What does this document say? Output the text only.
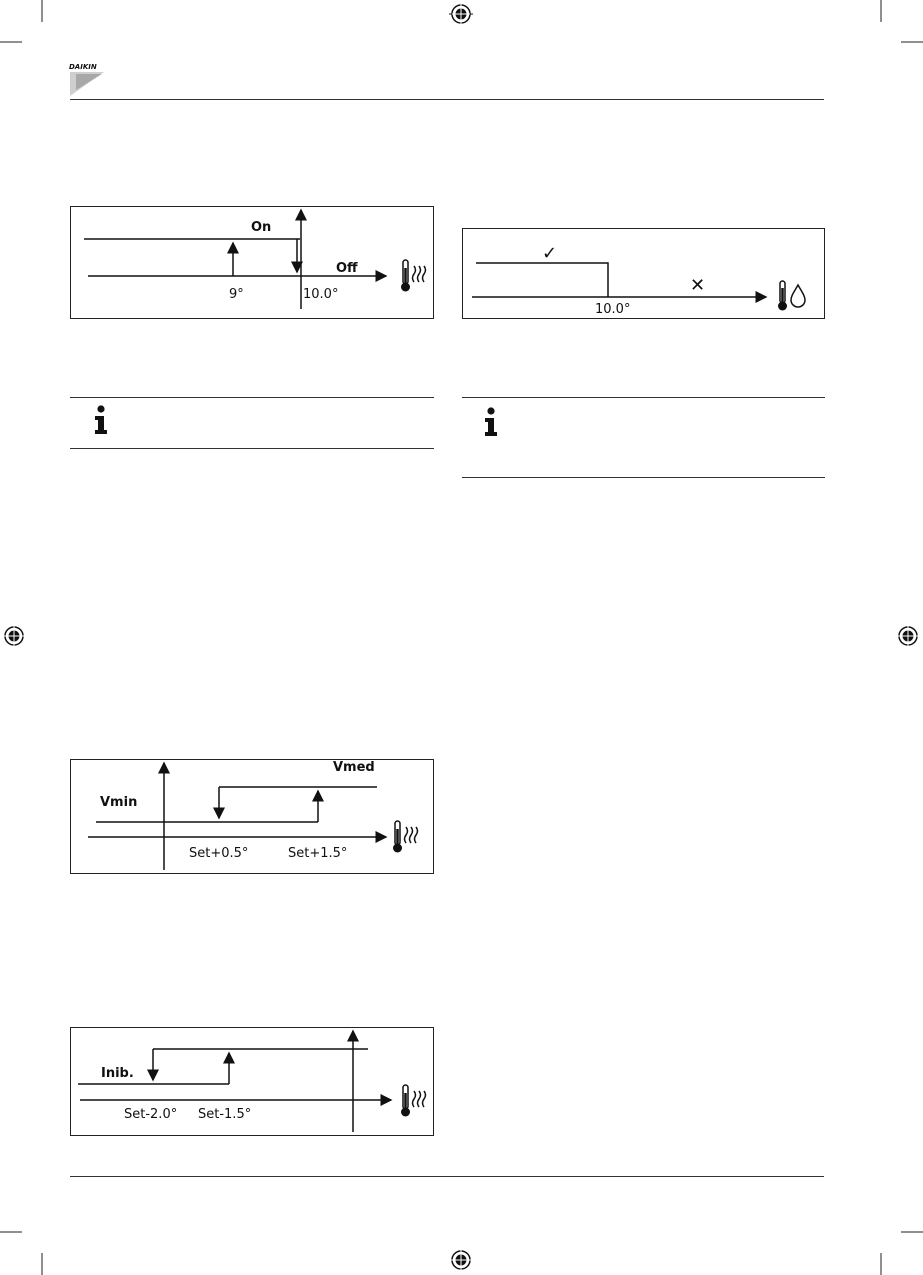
DAIKIN
On
Off
9°	10.0°
✓
✕
10.0°
Vmed
Vmin
Set+0.5°	Set+1.5°
Inib.
Set-2.0° Set-1.5°
